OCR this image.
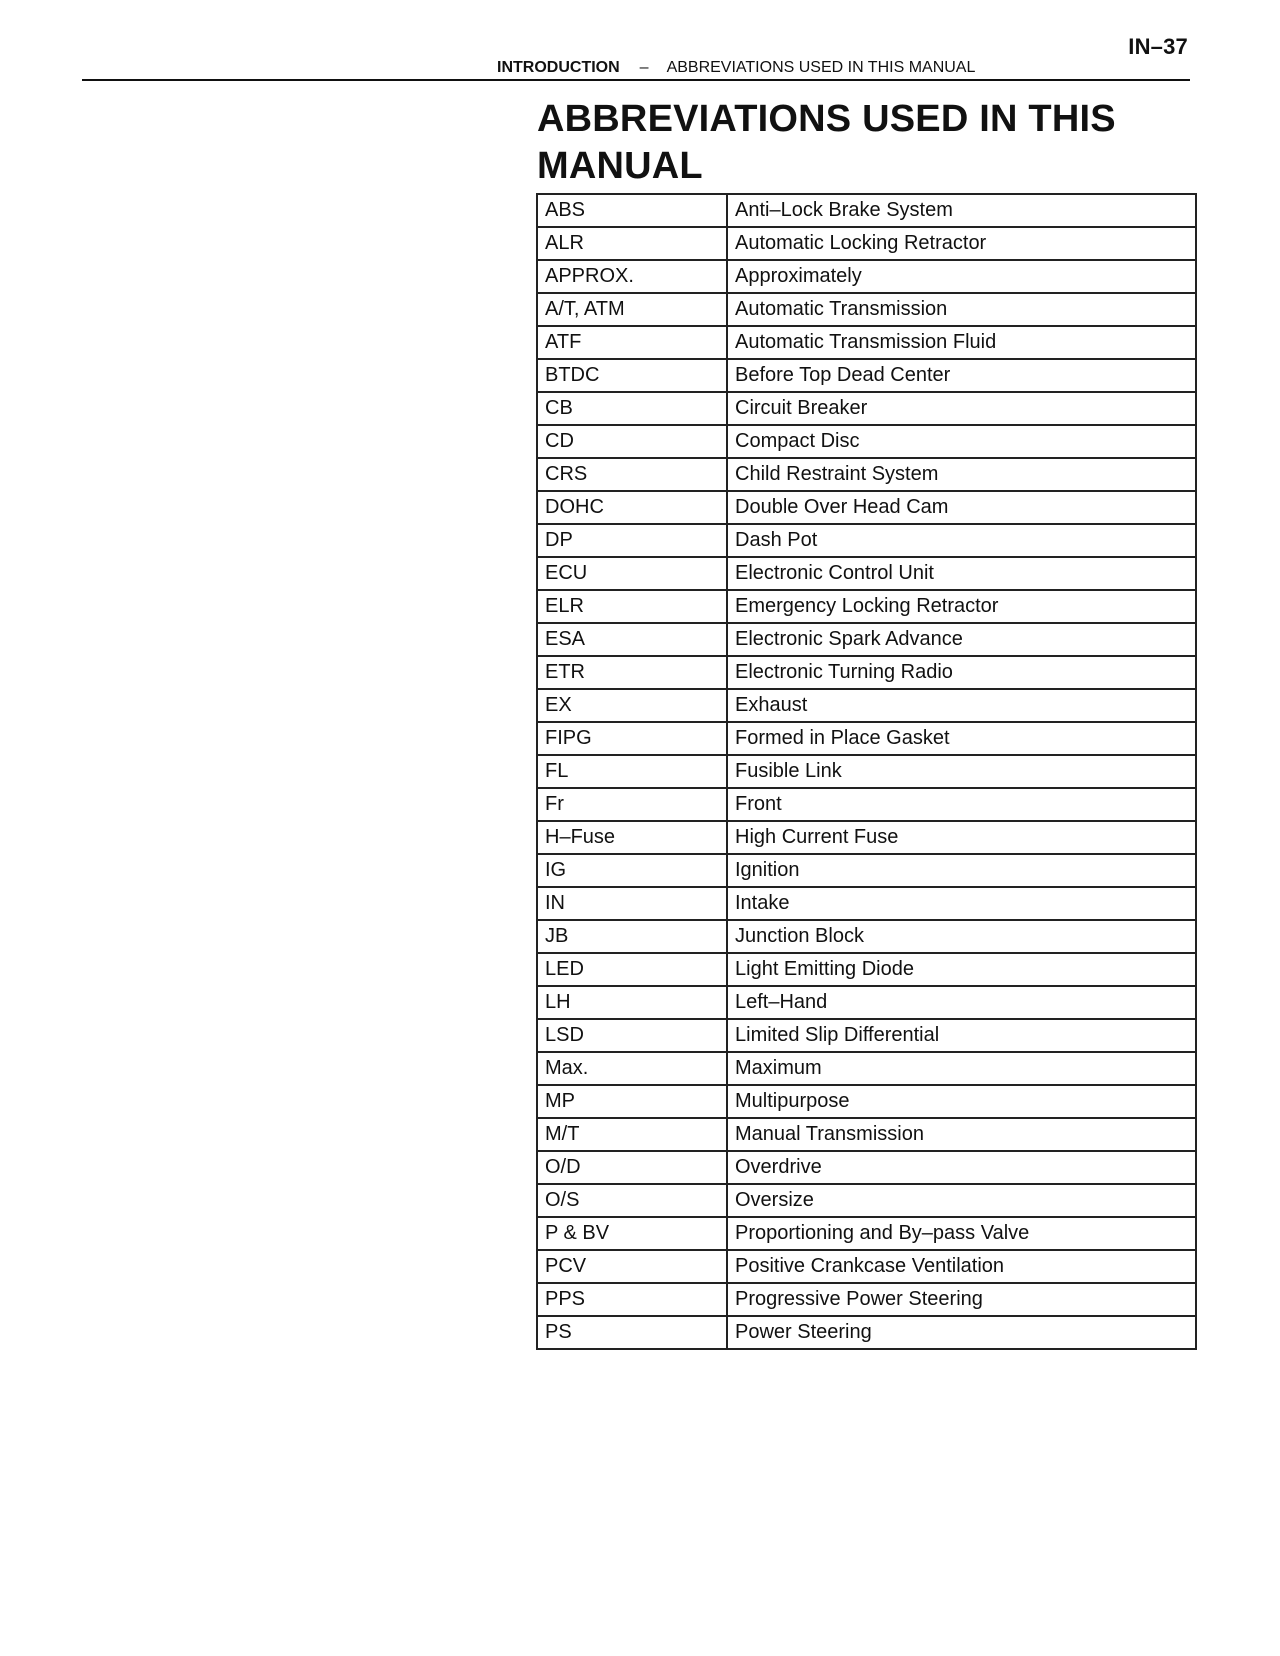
IN–37
INTRODUCTION – ABBREVIATIONS USED IN THIS MANUAL
ABBREVIATIONS USED IN THIS MANUAL
ABS	Anti–Lock Brake System
ALR	Automatic Locking Retractor
APPROX.	Approximately
A/T, ATM	Automatic Transmission
ATF	Automatic Transmission Fluid
BTDC	Before Top Dead Center
CB	Circuit Breaker
CD	Compact Disc
CRS	Child Restraint System
DOHC	Double Over Head Cam
DP	Dash Pot
ECU	Electronic Control Unit
ELR	Emergency Locking Retractor
ESA	Electronic Spark Advance
ETR	Electronic Turning Radio
EX	Exhaust
FIPG	Formed in Place Gasket
FL	Fusible Link
Fr	Front
H–Fuse	High Current Fuse
IG	Ignition
IN	Intake
JB	Junction Block
LED	Light Emitting Diode
LH	Left–Hand
LSD	Limited Slip Differential
Max.	Maximum
MP	Multipurpose
M/T	Manual Transmission
O/D	Overdrive
O/S	Oversize
P & BV	Proportioning and By–pass Valve
PCV	Positive Crankcase Ventilation
PPS	Progressive Power Steering
PS	Power Steering
